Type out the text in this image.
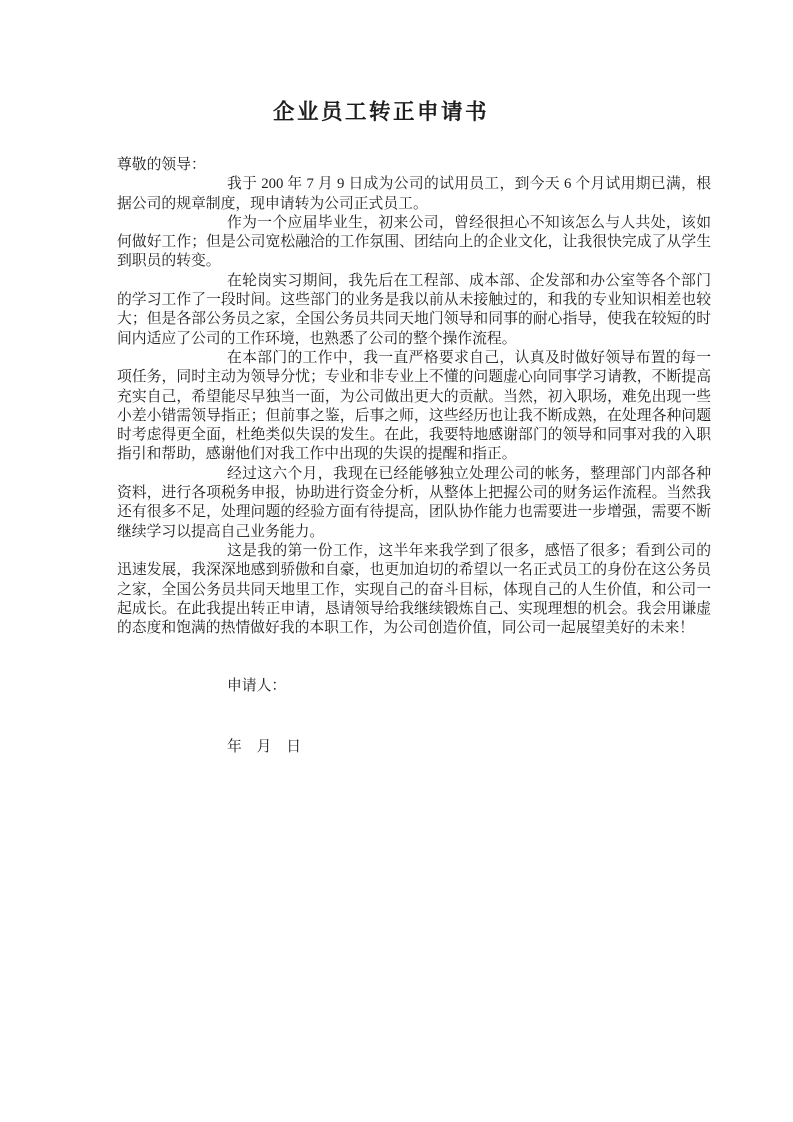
企业员工转正申请书
尊敬的领导：

我于 200 年 7 月 9 日成为公司的试用员工，到今天 6 个月试用期已满，根据公司的规章制度，现申请转为公司正式员工。

作为一个应届毕业生，初来公司，曾经很担心不知该怎么与人共处，该如何做好工作；但是公司宽松融洽的工作氛围、团结向上的企业文化，让我很快完成了从学生到职员的转变。

在轮岗实习期间，我先后在工程部、成本部、企发部和办公室等各个部门的学习工作了一段时间。这些部门的业务是我以前从未接触过的，和我的专业知识相差也较大；但是各部公务员之家，全国公务员共同天地门领导和同事的耐心指导，使我在较短的时间内适应了公司的工作环境，也熟悉了公司的整个操作流程。

在本部门的工作中，我一直严格要求自己，认真及时做好领导布置的每一项任务，同时主动为领导分忧；专业和非专业上不懂的问题虚心向同事学习请教，不断提高充实自己，希望能尽早独当一面，为公司做出更大的贡献。当然，初入职场，难免出现一些小差小错需领导指正；但前事之鉴，后事之师，这些经历也让我不断成熟，在处理各种问题时考虑得更全面，杜绝类似失误的发生。在此，我要特地感谢部门的领导和同事对我的入职指引和帮助，感谢他们对我工作中出现的失误的提醒和指正。

经过这六个月，我现在已经能够独立处理公司的帐务，整理部门内部各种资料，进行各项税务申报，协助进行资金分析，从整体上把握公司的财务运作流程。当然我还有很多不足，处理问题的经验方面有待提高，团队协作能力也需要进一步增强，需要不断继续学习以提高自己业务能力。

这是我的第一份工作，这半年来我学到了很多，感悟了很多；看到公司的迅速发展，我深深地感到骄傲和自豪，也更加迫切的希望以一名正式员工的身份在这公务员之家，全国公务员共同天地里工作，实现自己的奋斗目标，体现自己的人生价值，和公司一起成长。在此我提出转正申请，恳请领导给我继续锻炼自己、实现理想的机会。我会用谦虚的态度和饱满的热情做好我的本职工作，为公司创造价值，同公司一起展望美好的未来！

申请人：
年　月　日
